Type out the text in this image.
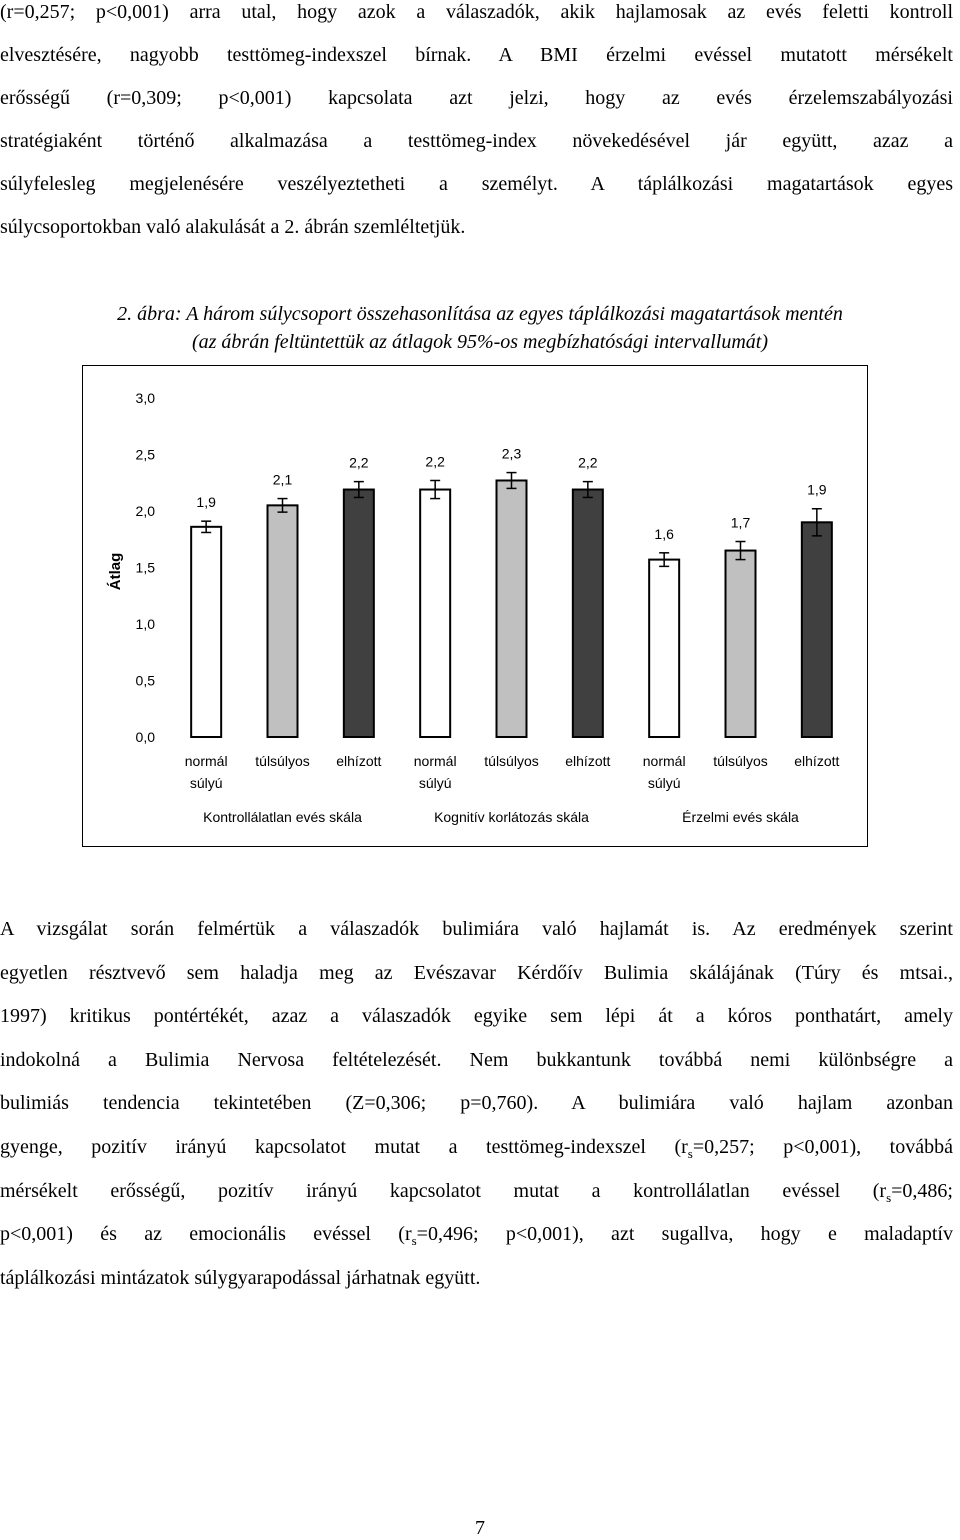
(r=0,257; p<0,001) arra utal, hogy azok a válaszadók, akik hajlamosak az evés feletti kontroll
elvesztésére, nagyobb testtömeg-indexszel bírnak. A BMI érzelmi evéssel mutatott mérsékelt
erősségű (r=0,309; p<0,001) kapcsolata azt jelzi, hogy az evés érzelemszabályozási
stratégiaként történő alkalmazása a testtömeg-index növekedésével jár együtt, azaz a
súlyfelesleg megjelenésére veszélyeztetheti a személyt. A táplálkozási magatartások egyes
súlycsoportokban való alakulását a 2. ábrán szemléltetjük.
2. ábra: A három súlycsoport összehasonlítása az egyes táplálkozási magatartások mentén
(az ábrán feltüntettük az átlagok 95%-os megbízhatósági intervallumát)
0,0
0,5
1,0
1,5
2,0
2,5
3,0
Átlag
1,9
normál
súlyú
2,1
túlsúlyos
2,2
elhízott
2,2
normál
súlyú
2,3
túlsúlyos
2,2
elhízott
1,6
normál
súlyú
1,7
túlsúlyos
1,9
elhízott
Kontrollálatlan evés skála	Kognitív korlátozás skála	Érzelmi evés skála
A vizsgálat során felmértük a válaszadók bulimiára való hajlamát is. Az eredmények szerint
egyetlen résztvevő sem haladja meg az Evészavar Kérdőív Bulimia skálájának (Túry és mtsai.,
1997) kritikus pontértékét, azaz a válaszadók egyike sem lépi át a kóros ponthatárt, amely
indokolná a Bulimia Nervosa feltételezését. Nem bukkantunk továbbá nemi különbségre a
bulimiás tendencia tekintetében (Z=0,306; p=0,760). A bulimiára való hajlam azonban
gyenge, pozitív irányú kapcsolatot mutat a testtömeg-indexszel ($r_s=0,257$; p<0,001), továbbá
mérsékelt erősségű, pozitív irányú kapcsolatot mutat a kontrollálatlan evéssel ($r_s=0,486$;
p<0,001) és az emocionális evéssel ($r_s=0,496$; p<0,001), azt sugallva, hogy e maladaptív
táplálkozási mintázatok súlygyarapodással járhatnak együtt.
7
